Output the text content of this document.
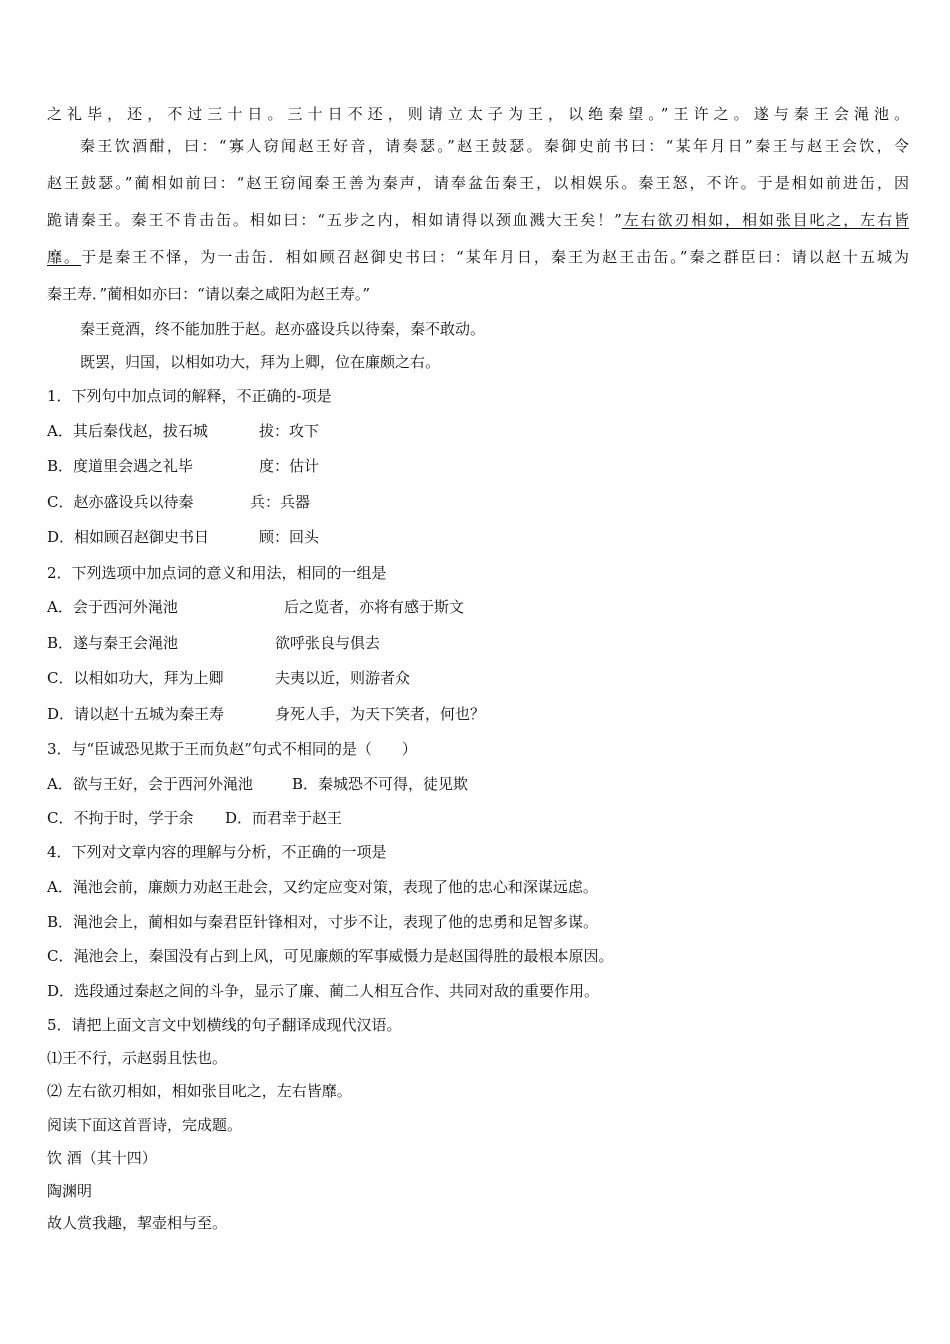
之礼毕，还，不过三十日。三十日不还，则请立太子为王，以绝秦望。”王许之。遂与秦王会渑池。
秦王饮酒酣，曰：“寡人窃闻赵王好音，请奏瑟。”赵王鼓瑟。秦御史前书曰：“某年月日”秦王与赵王会饮，令
赵王鼓瑟。”蔺相如前曰：“赵王窃闻秦王善为秦声，请奉盆缶秦王，以相娱乐。秦王怒，不许。于是相如前进缶，因
跪请秦王。秦王不肯击缶。相如曰：“五步之内，相如请得以颈血溅大王矣！”左右欲刃相如，相如张目叱之，左右皆
靡。于是秦王不怿，为一击缶．相如顾召赵御史书曰：“某年月日，秦王为赵王击缶。”秦之群臣曰：请以赵十五城为
秦王寿．”蔺相如亦曰：“请以秦之咸阳为赵王寿。”
秦王竟酒，终不能加胜于赵。赵亦盛设兵以待秦，秦不敢动。
既罢，归国，以相如功大，拜为上卿，位在廉颇之右。
1．下列句中加点词的解释，不正确的-项是
A．其后秦伐赵，拔石城	拔：攻下
B．度道里会遇之礼毕	度：估计
C．赵亦盛设兵以待秦	兵：兵器
D．相如顾召赵御史书日	顾：回头
2．下列选项中加点词的意义和用法，相同的一组是
A．会于西河外渑池	后之览者，亦将有感于斯文
B．遂与秦王会渑池	欲呼张良与俱去
C．以相如功大，拜为上卿	夫夷以近，则游者众
D．请以赵十五城为秦王寿	身死人手，为天下笑者，何也？
3．与“臣诚恐见欺于王而负赵”句式不相同的是（　　）
A．欲与王好，会于西河外渑池	B．秦城恐不可得，徒见欺
C．不拘于时，学于余 D．而君幸于赵王
4．下列对文章内容的理解与分析，不正确的一项是
A．渑池会前，廉颇力劝赵王赴会，又约定应变对策，表现了他的忠心和深谋远虑。
B．渑池会上，蔺相如与秦君臣针锋相对，寸步不让，表现了他的忠勇和足智多谋。
C．渑池会上，秦国没有占到上风，可见廉颇的军事威慑力是赵国得胜的最根本原因。
D．选段通过秦赵之间的斗争，显示了廉、蔺二人相互合作、共同对敌的重要作用。
5．请把上面文言文中划横线的句子翻译成现代汉语。
⑴王不行，示赵弱且怯也。
⑵ 左右欲刃相如，相如张目叱之，左右皆靡。
阅读下面这首晋诗，完成题。
饮 酒（其十四）
陶渊明
故人赏我趣，挈壶相与至。
